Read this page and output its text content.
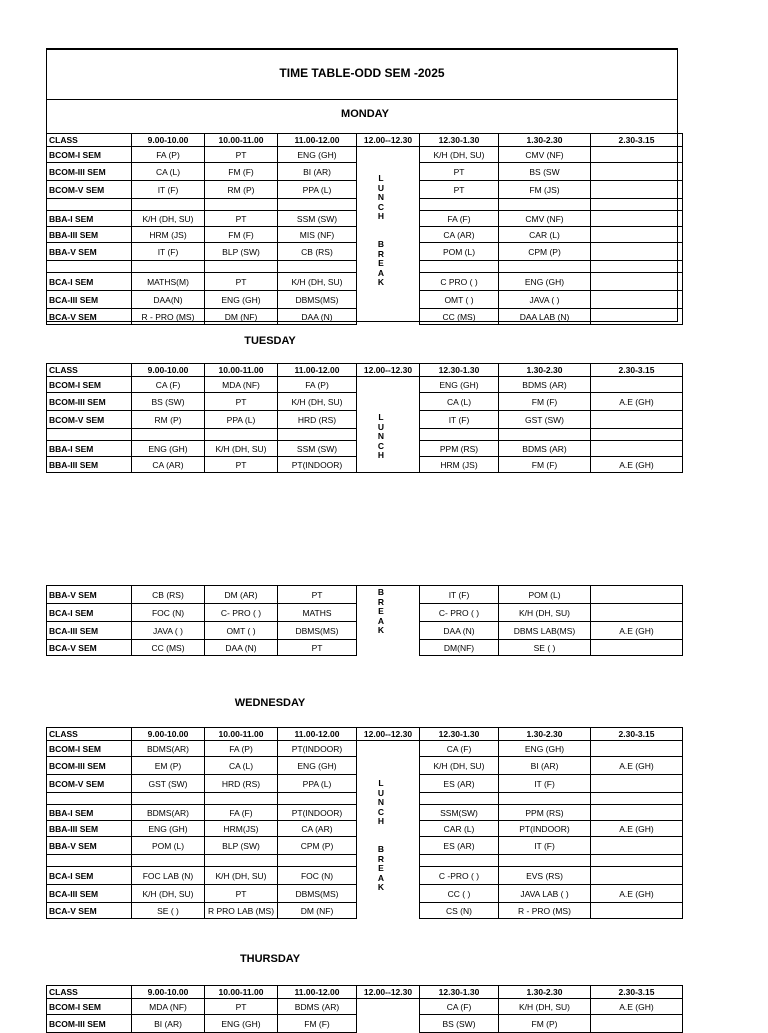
TIME TABLE-ODD SEM -2025
MONDAY
TUESDAY
WEDNESDAY
THURSDAY
CLASS	9.00-10.00	10.00-11.00	11.00-12.00	12.00--12.30	12.30-1.30	1.30-2.30	2.30-3.15
BCOM-I SEM	FA (P)	PT	ENG (GH)		K/H (DH, SU)	CMV (NF)	
BCOM-III SEM	CA (L)	FM (F)	BI (AR)		PT	BS (SW	
BCOM-V SEM	IT (F)	RM (P)	PPA (L)		PT	FM (JS)	

BBA-I SEM	K/H (DH, SU)	PT	SSM (SW)		FA (F)	CMV (NF)	
BBA-III SEM	HRM (JS)	FM (F)	MIS (NF)		CA (AR)	CAR (L)	
BBA-V SEM	IT (F)	BLP (SW)	CB (RS)		POM (L)	CPM (P)	

BCA-I SEM	MATHS(M)	PT	K/H (DH, SU)		C PRO ( )	ENG (GH)	
BCA-III SEM	DAA(N)	ENG (GH)	DBMS(MS)		OMT ( )	JAVA ( )	
BCA-V SEM	R - PRO (MS)	DM (NF)	DAA (N)		CC (MS)	DAA LAB (N)	
CLASS	9.00-10.00	10.00-11.00	11.00-12.00	12.00--12.30	12.30-1.30	1.30-2.30	2.30-3.15
BCOM-I SEM	CA (F)	MDA (NF)	FA (P)		ENG (GH)	BDMS (AR)	
BCOM-III SEM	BS (SW)	PT	K/H (DH, SU)		CA (L)	FM (F)	A.E (GH)
BCOM-V SEM	RM (P)	PPA (L)	HRD (RS)		IT (F)	GST (SW)	

BBA-I SEM	ENG (GH)	K/H (DH, SU)	SSM (SW)		PPM (RS)	BDMS (AR)	
BBA-III SEM	CA (AR)	PT	PT(INDOOR)		HRM (JS)	FM (F)	A.E (GH)

BBA-V SEM	CB (RS)	DM (AR)	PT		IT (F)	POM (L)	
BCA-I SEM	FOC (N)	C- PRO ( )	MATHS		C- PRO ( )	K/H (DH, SU)	
BCA-III SEM	JAVA ( )	OMT ( )	DBMS(MS)		DAA (N)	DBMS LAB(MS)	A.E (GH)
BCA-V SEM	CC (MS)	DAA (N)	PT		DM(NF)	SE ( )	
CLASS	9.00-10.00	10.00-11.00	11.00-12.00	12.00--12.30	12.30-1.30	1.30-2.30	2.30-3.15
BCOM-I SEM	BDMS(AR)	FA (P)	PT(INDOOR)		CA (F)	ENG (GH)	
BCOM-III SEM	EM (P)	CA (L)	ENG (GH)		K/H (DH, SU)	BI (AR)	A.E (GH)
BCOM-V SEM	GST (SW)	HRD (RS)	PPA (L)		ES (AR)	IT (F)	

BBA-I SEM	BDMS(AR)	FA (F)	PT(INDOOR)		SSM(SW)	PPM (RS)	
BBA-III SEM	ENG (GH)	HRM(JS)	CA (AR)		CAR (L)	PT(INDOOR)	A.E (GH)
BBA-V SEM	POM (L)	BLP (SW)	CPM (P)		ES (AR)	IT (F)	

BCA-I SEM	FOC LAB (N)	K/H (DH, SU)	FOC (N)		C -PRO ( )	EVS (RS)	
BCA-III SEM	K/H (DH, SU)	PT	DBMS(MS)		CC ( )	JAVA LAB ( )	A.E (GH)
BCA-V SEM	SE ( )	R PRO LAB (MS)	DM (NF)		CS (N)	R - PRO (MS)	
CLASS	9.00-10.00	10.00-11.00	11.00-12.00	12.00--12.30	12.30-1.30	1.30-2.30	2.30-3.15
BCOM-I SEM	MDA (NF)	PT	BDMS (AR)		CA (F)	K/H (DH, SU)	A.E (GH)
BCOM-III SEM	BI (AR)	ENG (GH)	FM (F)		BS (SW)	FM (P)	
L
U
N
C
H
B
R
E
A
K
L
U
N
C
H
B
R
E
A
K
L
U
N
C
H
B
R
E
A
K
